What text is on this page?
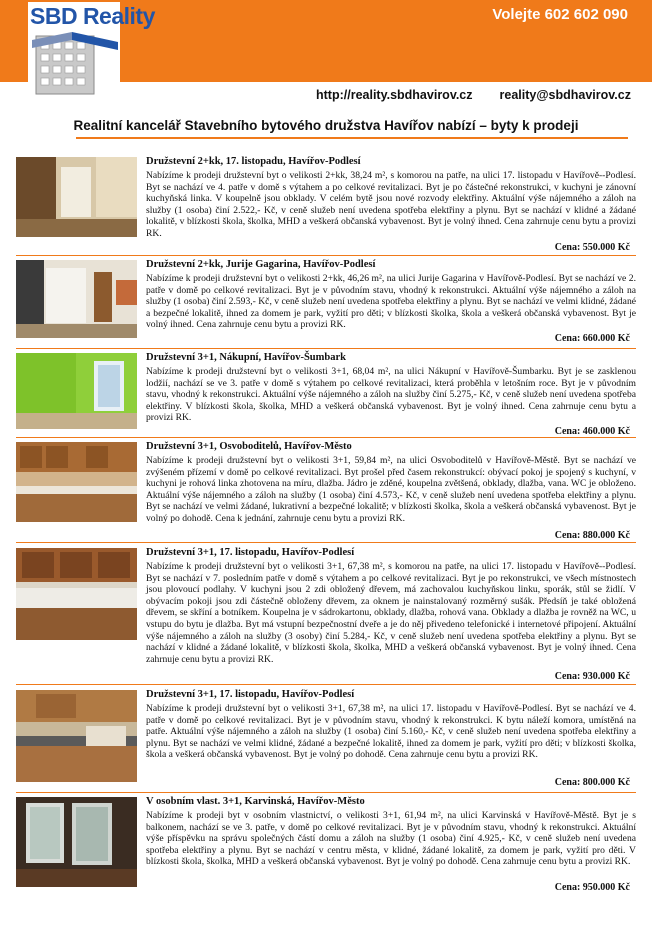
Volejte 602 602 090
SBD Reality
http://reality.sbdhavirov.cz reality@sbdhavirov.cz
Realitní kancelář Stavebního bytového družstva Havířov nabízí – byty k prodeji
Družstevní 2+kk, 17. listopadu, Havířov-Podlesí
Nabízíme k prodeji družstevní byt o velikosti 2+kk, 38,24 m², s komorou na patře, na ulici 17. listopadu v Havířově--Podlesí. Byt se nachází ve 4. patře v domě s výtahem a po celkové revitalizaci. Byt je po částečné rekonstrukci, v kuchyni je zánovní kuchyňská linka. V koupelně jsou obklady. V celém bytě jsou nové rozvody elektřiny. Aktuální výše nájemného a záloh na služby (1 osoba) činí 2.522,- Kč, v ceně služeb není uvedena spotřeba elektřiny a plynu. Byt se nachází v klidné a žádané lokalitě, v blízkosti škola, školka, MHD a veškerá občanská vybavenost. Byt je volný ihned. Cena zahrnuje cenu bytu a provizi RK.
Cena: 550.000 Kč
Družstevní 2+kk, Jurije Gagarina, Havířov-Podlesí
Nabízíme k prodeji družstevní byt o velikosti 2+kk, 46,26 m², na ulici Jurije Gagarina v Havířově-Podlesí. Byt se nachází ve 2. patře v domě po celkové revitalizaci. Byt je v původním stavu, vhodný k rekonstrukci. Aktuální výše nájemného a záloh na služby (1 osoba) činí 2.593,- Kč, v ceně služeb není uvedena spotřeba elektřiny a plynu. Byt se nachází ve velmi klidné, žádané a bezpečné lokalitě, ihned za domem je park, vyžití pro děti; v blízkosti školka, škola a veškerá občanská vybavenost. Byt je volný ihned. Cena zahrnuje cenu bytu a provizi RK.
Cena: 660.000 Kč
Družstevní 3+1, Nákupní, Havířov-Šumbark
Nabízíme k prodeji družstevní byt o velikosti 3+1, 68,04 m², na ulici Nákupní v Havířově-Šumbarku. Byt je se zasklenou lodžií, nachází se ve 3. patře v domě s výtahem po celkové revitalizaci, která proběhla v letošním roce. Byt je v původním stavu, vhodný k rekonstrukci. Aktuální výše nájemného a záloh na služby činí 5.275,- Kč, v ceně služeb není uvedena spotřeba elektřiny. V blízkosti škola, školka, MHD a veškerá občanská vybavenost. Byt je volný ihned. Cena zahrnuje cenu bytu a provizi RK.
Cena: 460.000 Kč
Družstevní 3+1, Osvoboditelů, Havířov-Město
Nabízíme k prodeji družstevní byt o velikosti 3+1, 59,84 m², na ulici Osvoboditelů v Havířově-Městě. Byt se nachází ve zvýšeném přízemí v domě po celkové revitalizaci. Byt prošel před časem rekonstrukcí: obývací pokoj je spojený s kuchyní, v kuchyni je rohová linka zhotovena na míru, dlažba. Jádro je zděné, koupelna zvětšená, obklady, dlažba, vana. WC je obloženo. Aktuální výše nájemného a záloh na služby (1 osoba) činí 4.573,- Kč, v ceně služeb není uvedena spotřeba elektřiny a plynu. Byt se nachází ve velmi žádané, lukrativní a bezpečné lokalitě; v blízkosti školka, škola a veškerá občanská vybavenost. Byt je volný po dohodě. Cena k jednání, zahrnuje cenu bytu a provizi RK.
Cena: 880.000 Kč
Družstevní 3+1, 17. listopadu, Havířov-Podlesí
Nabízíme k prodeji družstevní byt o velikosti 3+1, 67,38 m², s komorou na patře, na ulici 17. listopadu v Havířově--Podlesí. Byt se nachází v 7. posledním patře v domě s výtahem a po celkové revitalizaci. Byt je po rekonstrukci, ve všech místnostech jsou plovoucí podlahy. V kuchyni jsou 2 zdi obložený dřevem, má zachovalou kuchyňskou linku, sporák, stůl se židlí. V obývacím pokoji jsou zdi částečně obloženy dřevem, za oknem je nainstalovaný rozměrný sušák. Předsíň je také obložená dřevem, se skříní a botníkem. Koupelna je v sádrokartonu, obklady, dlažba, rohová vana. Obklady a dlažba je rovněž na WC, u vstupu do bytu je dlažba. Byt má vstupní bezpečnostní dveře a je do něj přivedeno telefonické i internetové připojení. Aktuální výše nájemného a záloh na služby (3 osoby) činí 5.284,- Kč, v ceně služeb není uvedena spotřeba elektřiny a plynu. Byt se nachází v klidné a žádané lokalitě, v blízkosti škola, školka, MHD a veškerá občanská vybavenost. Byt je volný ihned. Cena zahrnuje cenu bytu a provizi RK.
Cena: 930.000 Kč
Družstevní 3+1, 17. listopadu, Havířov-Podlesí
Nabízíme k prodeji družstevní byt o velikosti 3+1, 67,38 m², na ulici 17. listopadu v Havířově-Podlesí. Byt se nachází ve 4. patře v domě po celkové revitalizaci. Byt je v původním stavu, vhodný k rekonstrukci. K bytu náleží komora, umístěná na patře. Aktuální výše nájemného a záloh na služby (1 osoba) činí 5.160,- Kč, v ceně služeb není uvedena spotřeba elektřiny a plynu. Byt se nachází ve velmi klidné, žádané a bezpečné lokalitě, ihned za domem je park, vyžití pro děti; v blízkosti školka, škola a veškerá občanská vybavenost. Byt je volný po dohodě. Cena zahrnuje cenu bytu a provizi RK.
Cena: 800.000 Kč
V osobním vlast. 3+1, Karvinská, Havířov-Město
Nabízíme k prodeji byt v osobním vlastnictví, o velikosti 3+1, 61,94 m², na ulici Karvinská v Havířově-Městě. Byt je s balkonem, nachází se ve 3. patře, v domě po celkové revitalizaci. Byt je v původním stavu, vhodný k rekonstrukci. Aktuální výše příspěvku na správu společných částí domu a záloh na služby (1 osoba) činí 4.925,- Kč, v ceně služeb není uvedena spotřeba elektřiny a plynu. Byt se nachází v centru města, v klidné, žádané lokalitě, za domem je park, vyžití pro děti. V blízkosti škola, školka, MHD a veškerá občanská vybavenost. Byt je volný po dohodě. Cena zahrnuje cenu bytu a provizi RK.
Cena: 950.000 Kč
